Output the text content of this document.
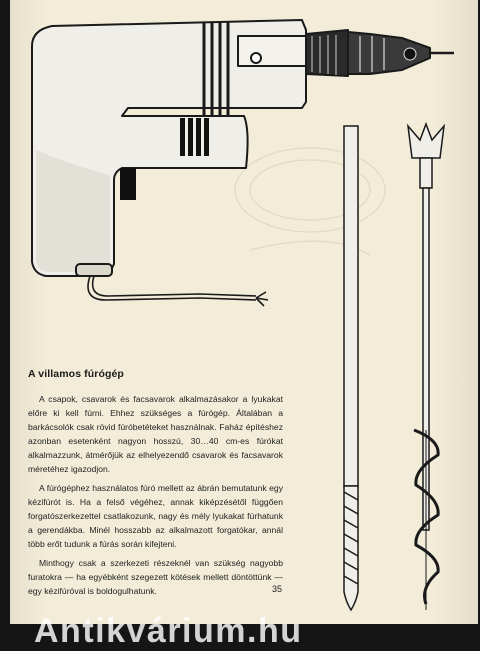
A villamos fúrógép

A csapok, csavarok és facsavarok alkalmazásakor a lyukakat előre ki kell fúrni. Ehhez szükséges a fúrógép. Általában a barkácsolók csak rövid fúróbetéteket használnak. Faház építéshez azonban esetenként nagyon hosszú, 30…40 cm-es fúrókat alkalmazzunk, átmérőjük az elhelyezendő csavarok és facsavarok méretéhez igazodjon.

A fúrógéphez használatos fúró mellett az ábrán bemutatunk egy kézifúrót is. Ha a felső végéhez, annak kiképzésétől függően forgatószerkezettel csatlakozunk, nagy és mély lyukakat fúrhatunk a gerendákba. Minél hosszabb az alkalmazott forgatókar, annál több erőt tudunk a fúrás során kifejteni.

Minthogy csak a szerkezeti részeknél van szükség nagyobb furatokra — ha egyébként szegezett kötések mellett döntöttünk — egy kézifúróval is boldogulhatunk.	35
Antikvárium.hu
